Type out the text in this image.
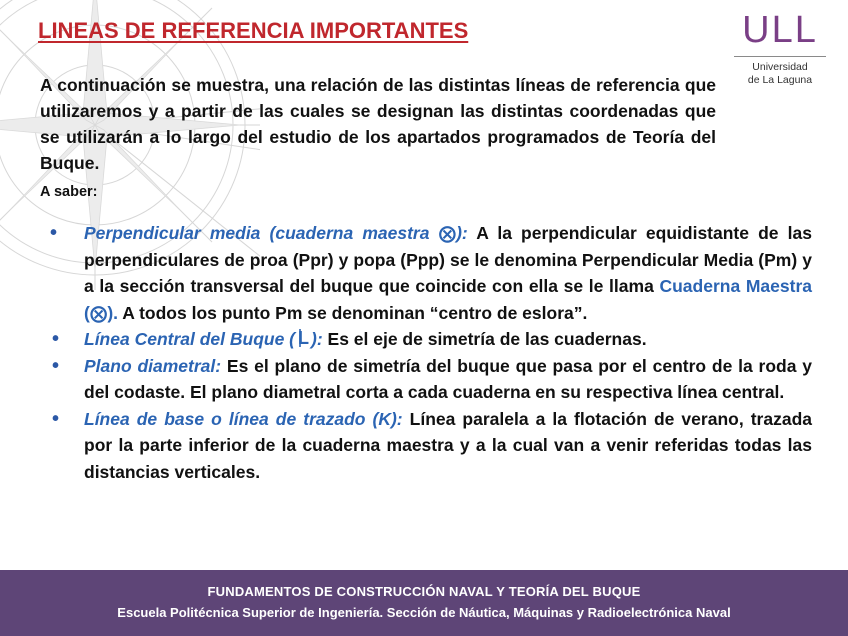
LINEAS DE REFERENCIA IMPORTANTES	ULL
Universidad
de La Laguna

A continuación se muestra, una relación de las distintas líneas de referencia que utilizaremos y a partir de las cuales se designan las distintas coordenadas que se utilizarán a lo largo del estudio de los apartados programados de Teoría del Buque.

A saber:

• Perpendicular media (cuaderna maestra ⨂): A la perpendicular equidistante de las perpendiculares de proa (Ppr) y popa (Ppp) se le denomina Perpendicular Media (Pm) y a la sección transversal del buque que coincide con ella se le llama Cuaderna Maestra (⨂). A todos los punto Pm se denominan “centro de eslora”.
• Línea Central del Buque ( L ): Es el eje de simetría de las cuadernas.
• Plano diametral: Es el plano de simetría del buque que pasa por el centro de la roda y del codaste. El plano diametral corta a cada cuaderna en su respectiva línea central.
• Línea de base o línea de trazado (K): Línea paralela a la flotación de verano, trazada por la parte inferior de la cuaderna maestra y a la cual van a venir referidas todas las distancias verticales.
FUNDAMENTOS DE CONSTRUCCIÓN NAVAL Y TEORÍA DEL BUQUE
Escuela Politécnica Superior de Ingeniería. Sección de Náutica, Máquinas y Radioelectrónica Naval
